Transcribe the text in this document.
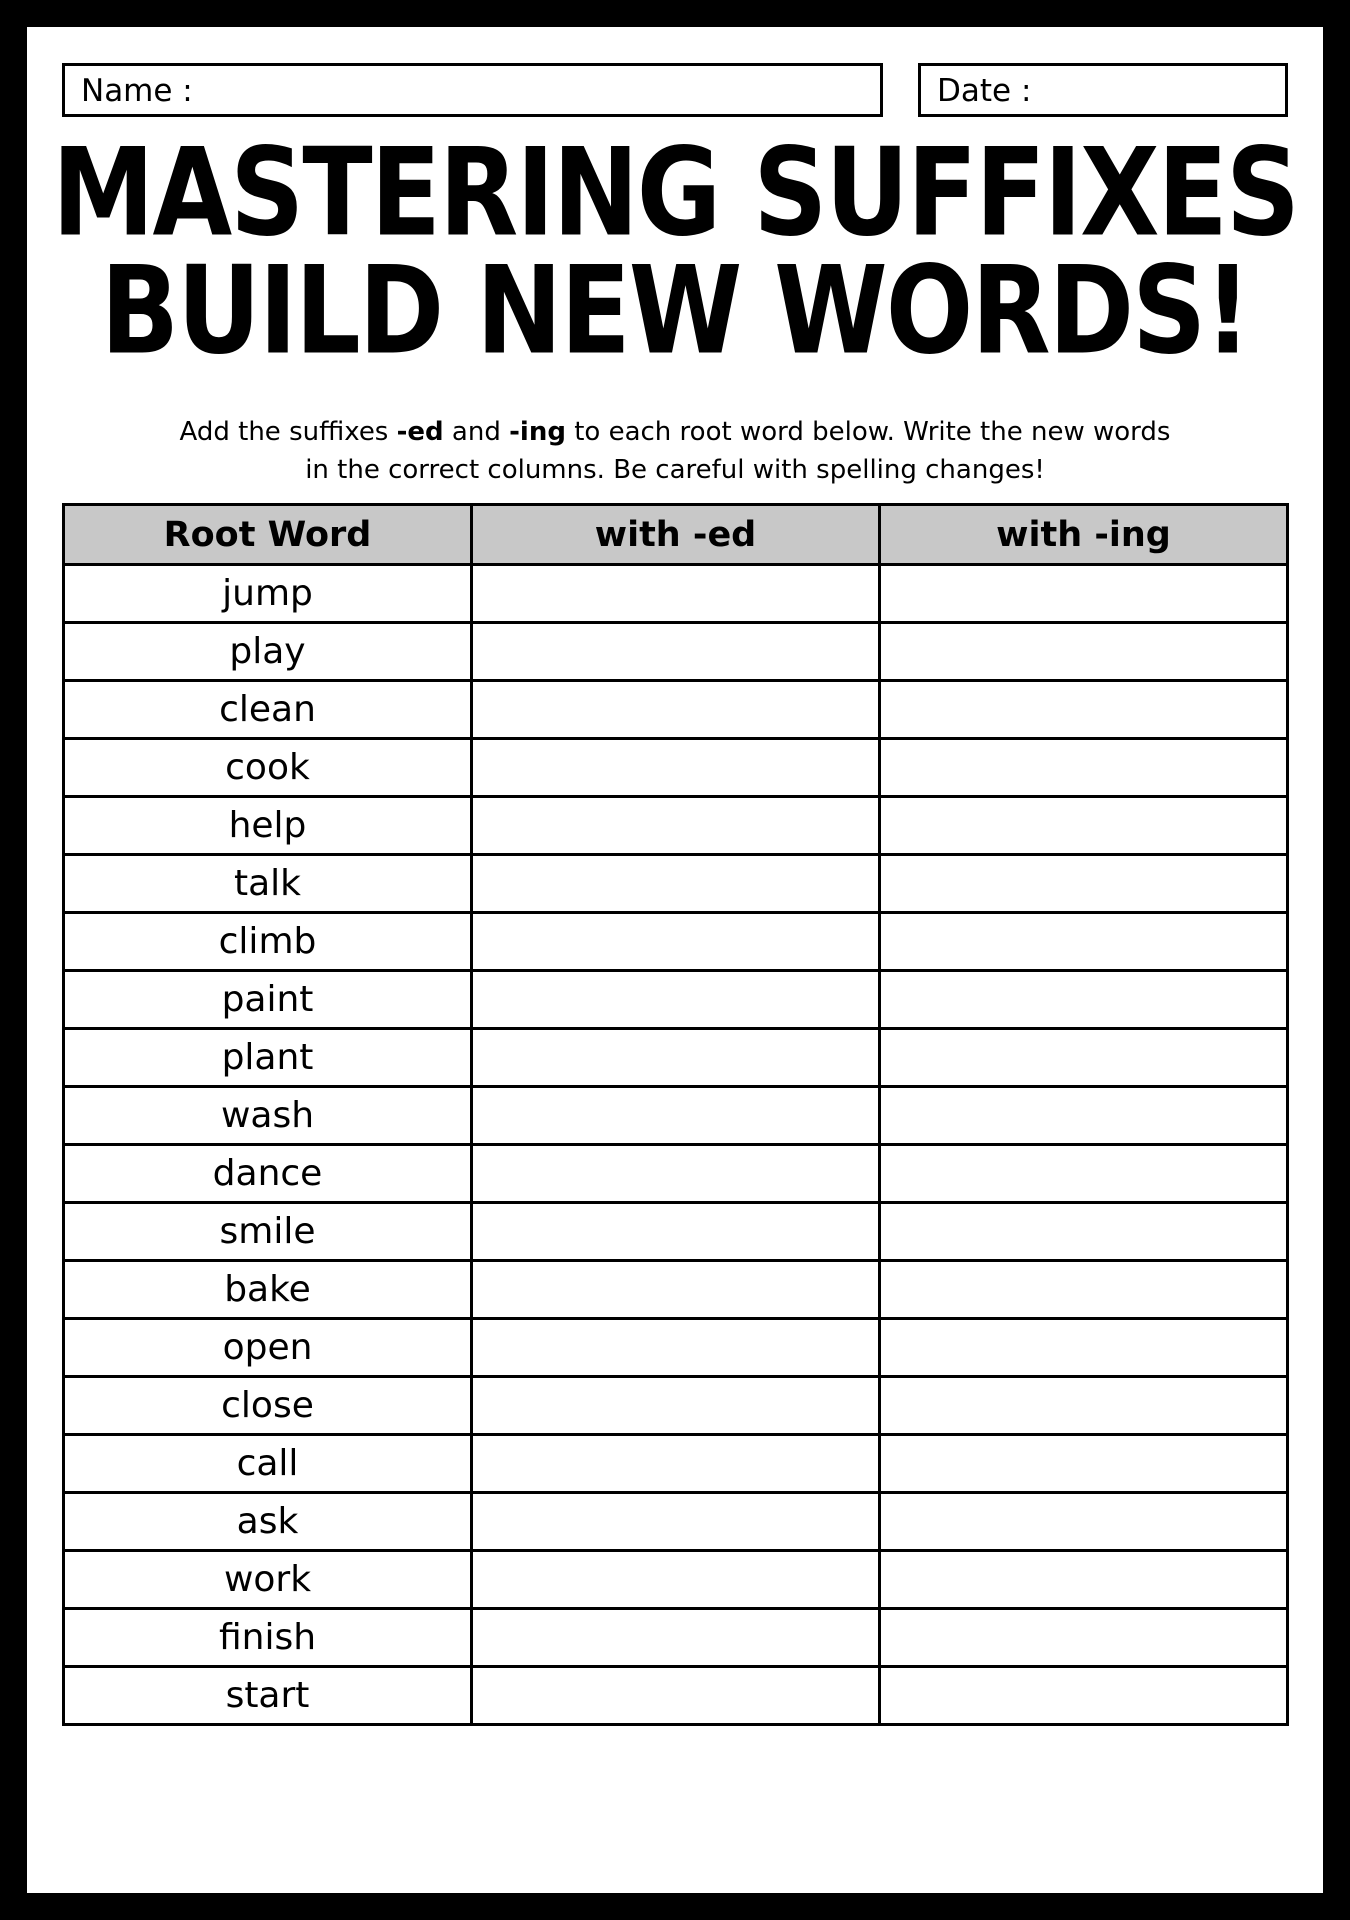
Name :	Date :
MASTERING SUFFIXES
BUILD NEW WORDS!
Add the suffixes -ed and -ing to each root word below. Write the new words
in the correct columns. Be careful with spelling changes!
Root Word	with -ed	with -ing
jump		
play		
clean		
cook		
help		
talk		
climb		
paint		
plant		
wash		
dance		
smile		
bake		
open		
close		
call		
ask		
work		
finish		
start		
